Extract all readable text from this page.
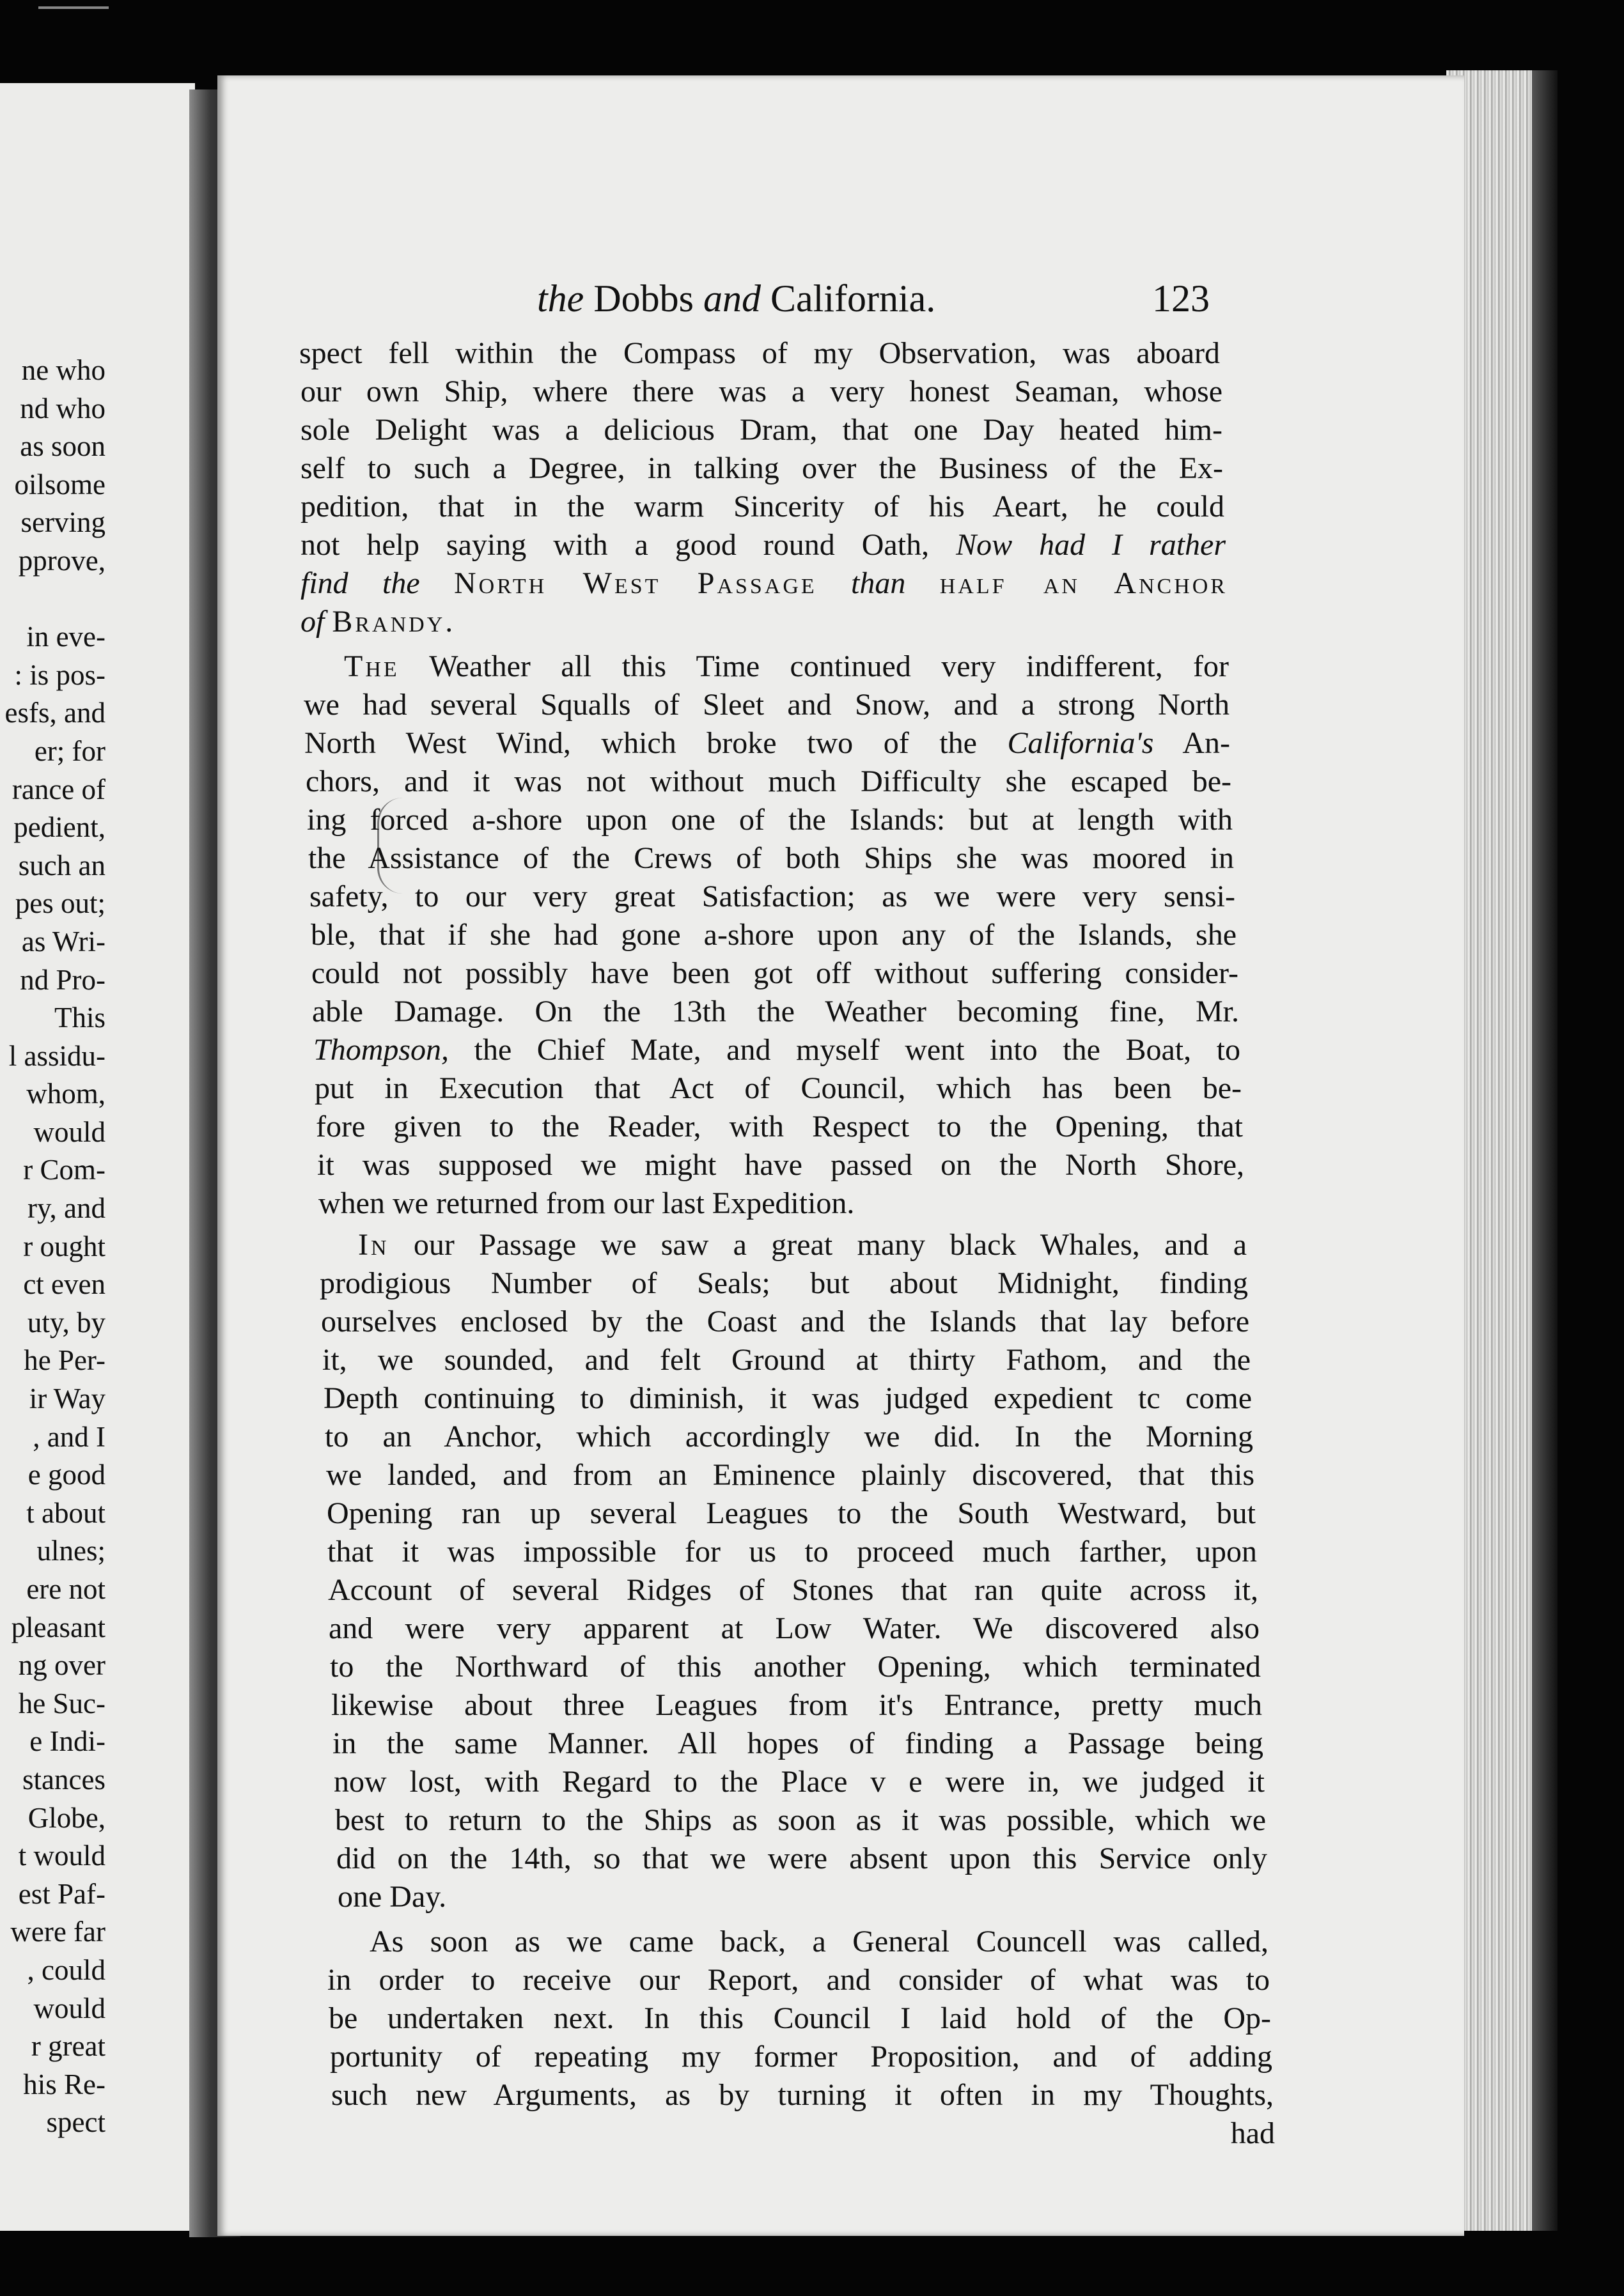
ne who
nd who
as soon
oilsome
serving
pprove,

in eve-
: is pos-
esfs, and
er; for
rance of
pedient,
such an
pes out;
as Wri-
nd Pro-
This
l assidu-
whom,
would
r Com-
ry, and
r ought
ct even
uty, by
he Per-
ir Way
, and I
e good
t about
ulnes;
ere not
pleasant
ng over
he Suc-
e Indi-
stances
Globe,
t would
est Paf-
were far
, could
would
r great
his Re-
spect
the Dobbs and California.	123
spect fell within the Compass of my Observation, was aboard
our own Ship, where there was a very honest Seaman, whose
sole Delight was a delicious Dram, that one Day heated him-
self to such a Degree, in talking over the Business of the Ex-
pedition, that in the warm Sincerity of his Aeart, he could
not help saying with a good round Oath, Now had I rather
find the North West Passage than half an Anchor
of Brandy.
The Weather all this Time continued very indifferent, for
we had several Squalls of Sleet and Snow, and a strong North
North West Wind, which broke two of the California's An-
chors, and it was not without much Difficulty she escaped be-
ing forced a-shore upon one of the Islands: but at length with
the Assistance of the Crews of both Ships she was moored in
safety, to our very great Satisfaction; as we were very sensi-
ble, that if she had gone a-shore upon any of the Islands, she
could not possibly have been got off without suffering consider-
able Damage. On the 13th the Weather becoming fine, Mr.
Thompson, the Chief Mate, and myself went into the Boat, to
put in Execution that Act of Council, which has been be-
fore given to the Reader, with Respect to the Opening, that
it was supposed we might have passed on the North Shore,
when we returned from our last Expedition.
In our Passage we saw a great many black Whales, and a
prodigious Number of Seals; but about Midnight, finding
ourselves enclosed by the Coast and the Islands that lay before
it, we sounded, and felt Ground at thirty Fathom, and the
Depth continuing to diminish, it was judged expedient tc come
to an Anchor, which accordingly we did. In the Morning
we landed, and from an Eminence plainly discovered, that this
Opening ran up several Leagues to the South Westward, but
that it was impossible for us to proceed much farther, upon
Account of several Ridges of Stones that ran quite across it,
and were very apparent at Low Water. We discovered also
to the Northward of this another Opening, which terminated
likewise about three Leagues from it's Entrance, pretty much
in the same Manner. All hopes of finding a Passage being
now lost, with Regard to the Place v e were in, we judged it
best to return to the Ships as soon as it was possible, which we
did on the 14th, so that we were absent upon this Service only
one Day.
As soon as we came back, a General Councell was called,
in order to receive our Report, and consider of what was to
be undertaken next. In this Council I laid hold of the Op-
portunity of repeating my former Proposition, and of adding
such new Arguments, as by turning it often in my Thoughts,
had
